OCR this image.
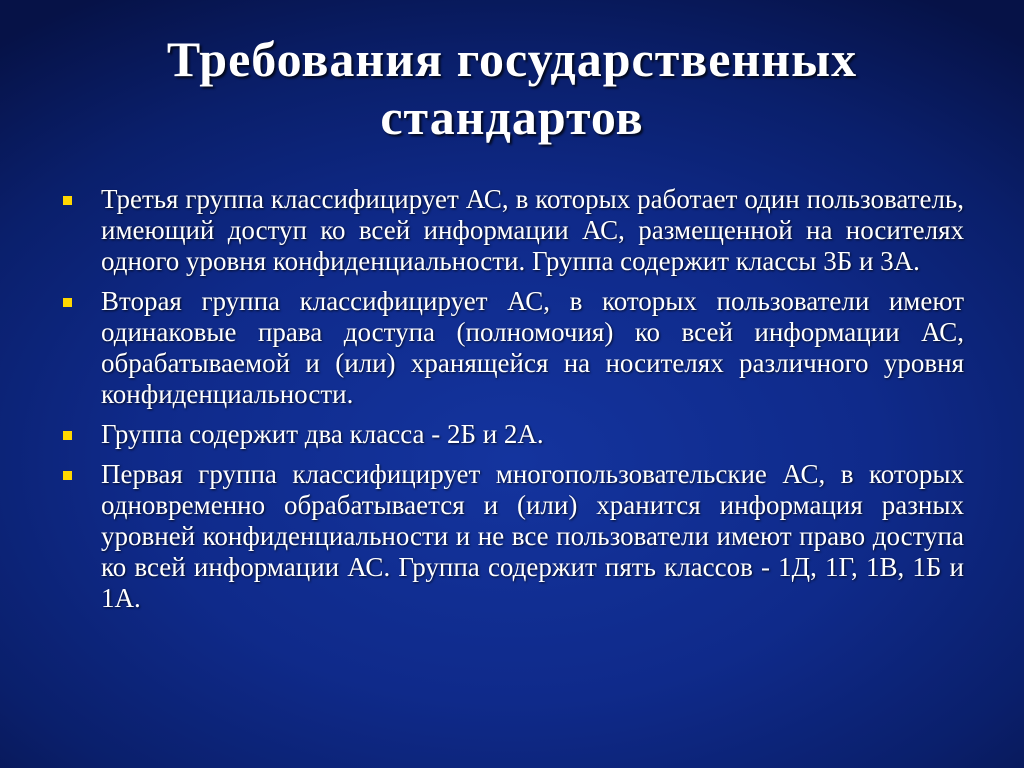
Требования государственных стандартов
Третья группа классифицирует АС, в которых работает один пользователь, имеющий доступ ко всей информации АС, размещенной на носителях одного уровня конфиденциальности. Группа содержит классы 3Б и 3А.
Вторая группа классифицирует АС, в которых пользователи имеют одинаковые права доступа (полномочия) ко всей информации АС, обрабатываемой и (или) хранящейся на носителях различного уровня конфиденциальности.
Группа содержит два класса - 2Б и 2А.
Первая группа классифицирует многопользовательские АС, в которых одновременно обрабатывается и (или) хранится информация разных уровней конфиденциальности и не все пользователи имеют право доступа ко всей информации АС. Группа содержит пять классов - 1Д, 1Г, 1В, 1Б и 1А.
